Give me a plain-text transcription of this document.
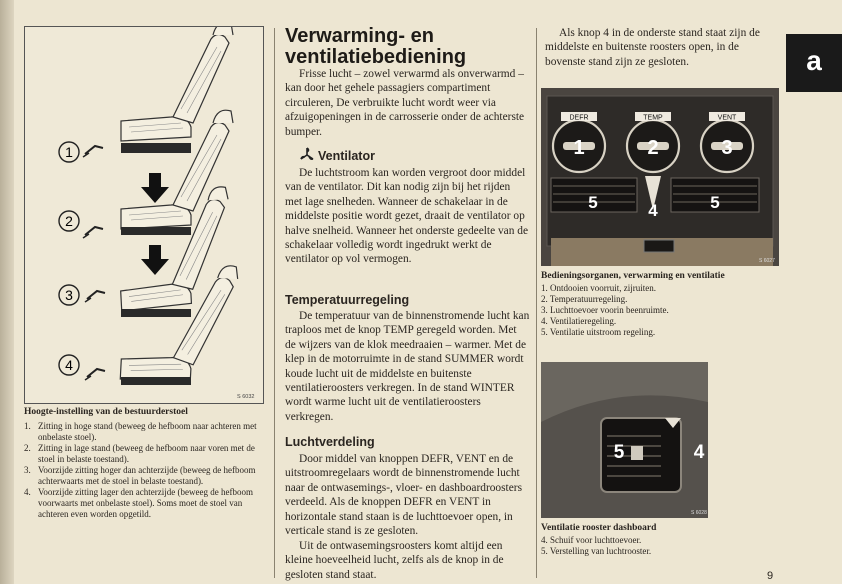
1
2
3
4
S 6032
Hoogte-instelling van de bestuurderstoel
1. Zitting in hoge stand (beweeg de hefboom naar achteren met onbelaste stoel).
2. Zitting in lage stand (beweeg de hefboom naar voren met de stoel in belaste toestand).
3. Voorzijde zitting hoger dan achterzijde (beweeg de hefboom achterwaarts met de stoel in belaste toestand).
4. Voorzijde zitting lager den achterzijde (beweeg de hefboom voorwaarts met onbelaste stoel). Soms moet de stoel van achteren even worden opgetild.
Verwarming- en ventilatiebediening
Frisse lucht – zowel verwarmd als onverwarmd – kan door het gehele passagiers compartiment circuleren, De verbruikte lucht wordt weer via afzuigopeningen in de carrosserie onder de achterste bumper.
Ventilator
De luchtstroom kan worden vergroot door middel van de ventilator. Dit kan nodig zijn bij het rijden met lage snelheden. Wanneer de schakelaar in de middelste positie wordt gezet, draait de ventilator op halve snelheid. Wanneer het onderste gedeelte van de schakelaar volledig wordt ingedrukt werkt de ventilator op vol vermogen.
Temperatuurregeling
De temperatuur van de binnenstromende lucht kan traploos met de knop TEMP geregeld worden. Met de wijzers van de klok meedraaien – warmer. Met de klep in de motorruimte in de stand SUMMER wordt koude lucht uit de middelste en buitenste ventilatieroosters verkregen. In de stand WINTER wordt warme lucht uit de ventilatieroosters verkregen.
Luchtverdeling
Door middel van knoppen DEFR, VENT en de uitstroomregelaars wordt de binnenstromende lucht naar de ontwasemings-, vloer- en dashboardroosters verdeeld. Als de knoppen DEFR en VENT in horizontale stand staan is de luchttoevoer open, in verticale stand is ze gesloten.
Uit de ontwasemingsroosters komt altijd een kleine hoeveelheid lucht, zelfs als de knop in de gesloten stand staat.
Als knop 4 in de onderste stand staat zijn de middelste en buitenste roosters open, in de bovenste stand zijn ze gesloten.	a
DEFR	TEMP	VENT
1	2	3
4
5	5
S 6027
Bedieningsorganen, verwarming en ventilatie
1. Ontdooien voorruit, zijruiten.
2. Temperatuurregeling.
3. Luchttoevoer voorin beenruimte.
4. Ventilatieregeling.
5. Ventilatie uitstroom regeling.
5	4
S 6028
Ventilatie rooster dashboard
4. Schuif voor luchttoevoer.
5. Verstelling van luchtrooster.
9
